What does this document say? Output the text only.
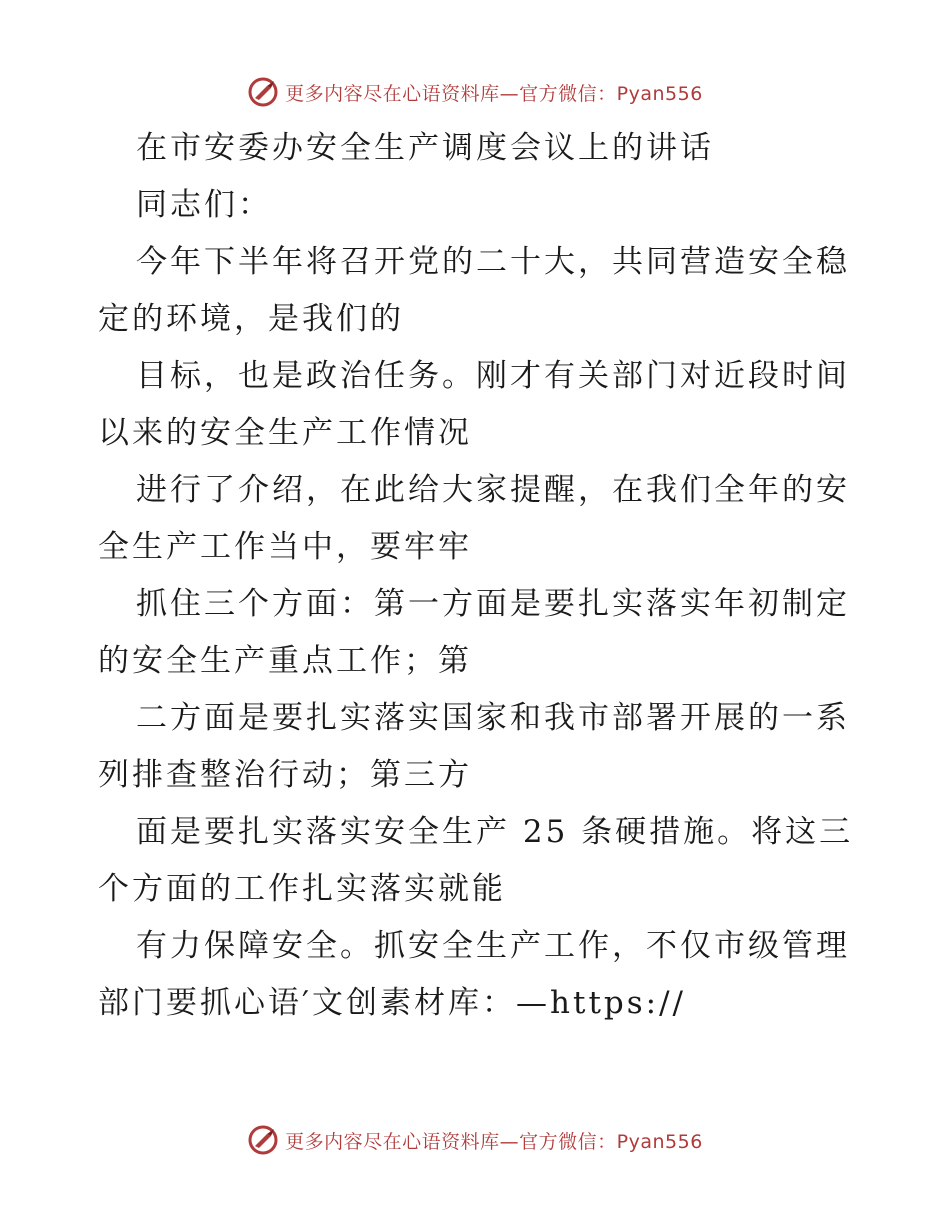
更多内容尽在心语资料库—官方微信：Pyan556
在市安委办安全生产调度会议上的讲话
同志们：
今年下半年将召开党的二十大，共同营造安全稳
定的环境，是我们的
目标，也是政治任务。刚才有关部门对近段时间
以来的安全生产工作情况
进行了介绍，在此给大家提醒，在我们全年的安
全生产工作当中，要牢牢
抓住三个方面：第一方面是要扎实落实年初制定
的安全生产重点工作；第
二方面是要扎实落实国家和我市部署开展的一系
列排查整治行动；第三方
面是要扎实落实安全生产 25 条硬措施。将这三
个方面的工作扎实落实就能
有力保障安全。抓安全生产工作，不仅市级管理
部门要抓心语′文创素材库：—https://
更多内容尽在心语资料库—官方微信：Pyan556
